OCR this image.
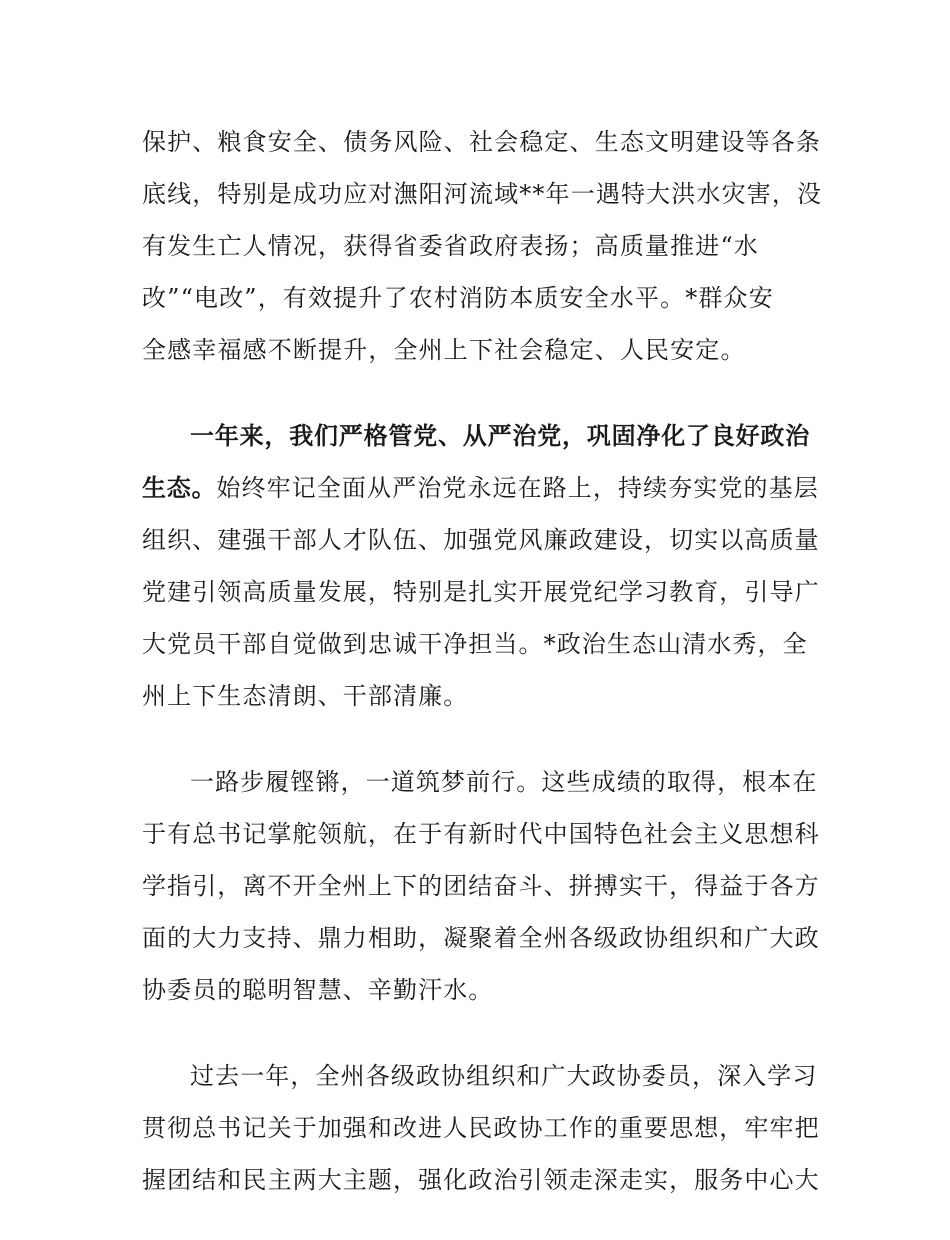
保护、粮食安全、债务风险、社会稳定、生态文明建设等各条
底线，特别是成功应对潕阳河流域**年一遇特大洪水灾害，没
有发生亡人情况，获得省委省政府表扬；高质量推进“水
改”“电改”，有效提升了农村消防本质安全水平。*群众安
全感幸福感不断提升，全州上下社会稳定、人民安定。
一年来，我们严格管党、从严治党，巩固净化了良好政治
生态。始终牢记全面从严治党永远在路上，持续夯实党的基层
组织、建强干部人才队伍、加强党风廉政建设，切实以高质量
党建引领高质量发展，特别是扎实开展党纪学习教育，引导广
大党员干部自觉做到忠诚干净担当。*政治生态山清水秀，全
州上下生态清朗、干部清廉。
一路步履铿锵，一道筑梦前行。这些成绩的取得，根本在
于有总书记掌舵领航，在于有新时代中国特色社会主义思想科
学指引，离不开全州上下的团结奋斗、拼搏实干，得益于各方
面的大力支持、鼎力相助，凝聚着全州各级政协组织和广大政
协委员的聪明智慧、辛勤汗水。
过去一年，全州各级政协组织和广大政协委员，深入学习
贯彻总书记关于加强和改进人民政协工作的重要思想，牢牢把
握团结和民主两大主题，强化政治引领走深走实，服务中心大
